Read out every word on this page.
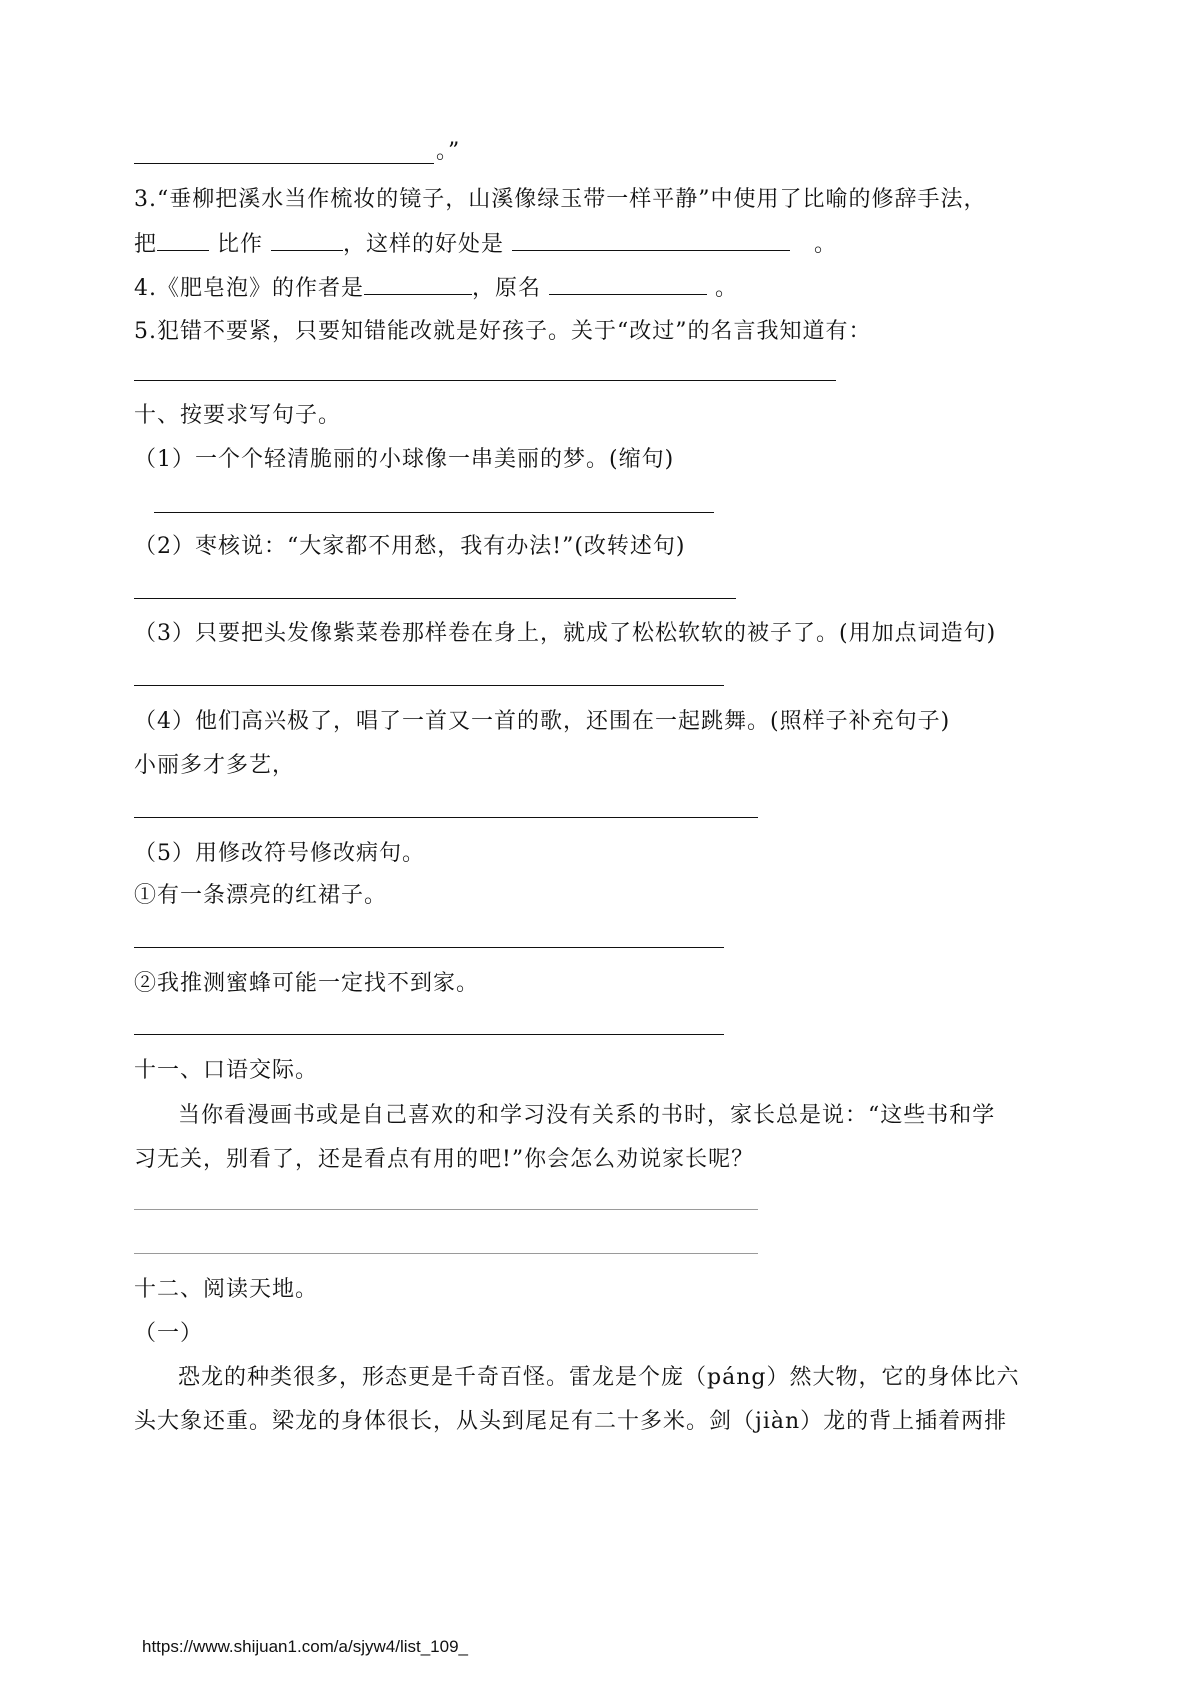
。”
3.“垂柳把溪水当作梳妆的镜子，山溪像绿玉带一样平静”中使用了比喻的修辞手法，
把	比作	，这样的好处是	。
4.《肥皂泡》的作者是	，原名	。
5.犯错不要紧，只要知错能改就是好孩子。关于“改过”的名言我知道有：
十、按要求写句子。
（1）一个个轻清脆丽的小球像一串美丽的梦。(缩句)
（2）枣核说：“大家都不用愁，我有办法!”(改转述句)
（3）只要把头发像紫菜卷那样卷在身上，就成了松松软软的被子了。(用加点词造句)
（4）他们高兴极了，唱了一首又一首的歌，还围在一起跳舞。(照样子补充句子)
小丽多才多艺，
（5）用修改符号修改病句。
①有一条漂亮的红裙子。
②我推测蜜蜂可能一定找不到家。
十一、口语交际。
当你看漫画书或是自己喜欢的和学习没有关系的书时，家长总是说：“这些书和学
习无关，别看了，还是看点有用的吧!”你会怎么劝说家长呢？
十二、阅读天地。
（一）
恐龙的种类很多，形态更是千奇百怪。雷龙是个庞（páng）然大物，它的身体比六
头大象还重。梁龙的身体很长，从头到尾足有二十多米。剑（jiàn）龙的背上插着两排
https://www.shijuan1.com/a/sjyw4/list_109_
